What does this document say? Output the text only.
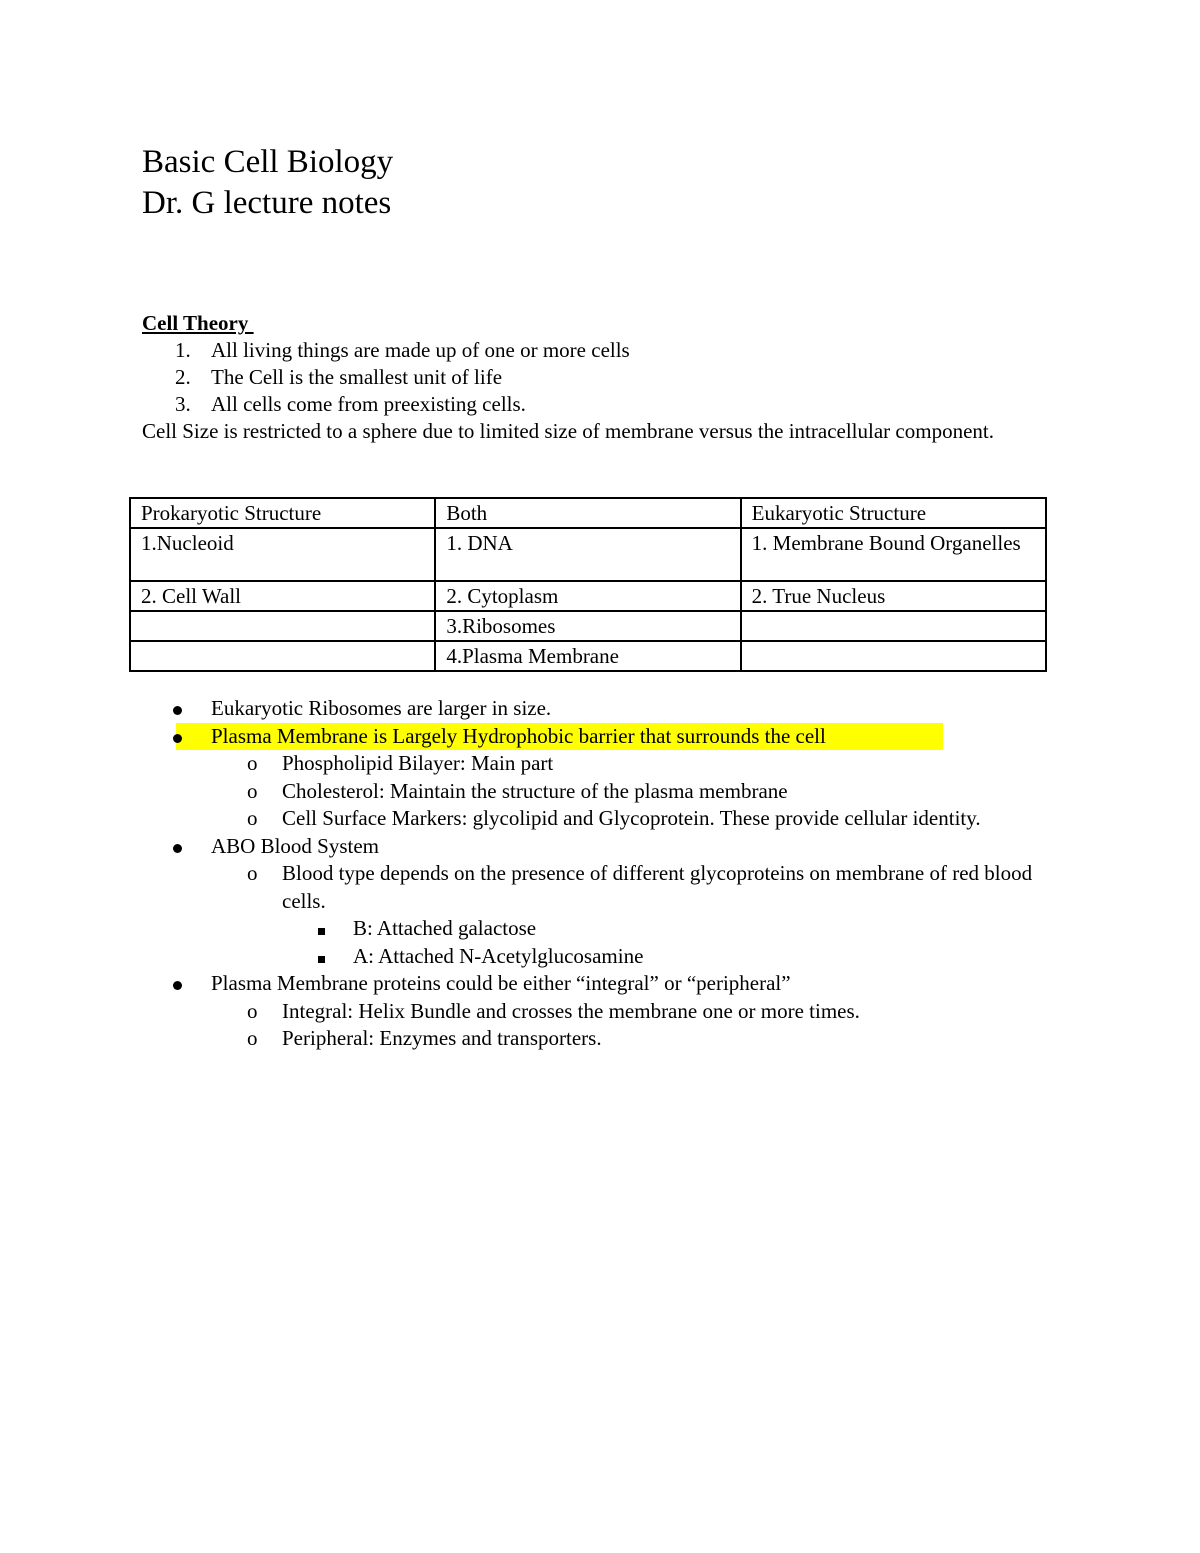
Basic Cell Biology
Dr. G lecture notes
Cell Theory
1. All living things are made up of one or more cells
2. The Cell is the smallest unit of life
3. All cells come from preexisting cells.
Cell Size is restricted to a sphere due to limited size of membrane versus the intracellular component.
Prokaryotic Structure	Both	Eukaryotic Structure
1.Nucleoid	1. DNA	1. Membrane Bound Organelles
2. Cell Wall	2. Cytoplasm	2. True Nucleus
	3.Ribosomes	
	4.Plasma Membrane	
Eukaryotic Ribosomes are larger in size.
Plasma Membrane is Largely Hydrophobic barrier that surrounds the cell
o Phospholipid Bilayer: Main part
o Cholesterol: Maintain the structure of the plasma membrane
o Cell Surface Markers: glycolipid and Glycoprotein. These provide cellular identity.
ABO Blood System
o Blood type depends on the presence of different glycoproteins on membrane of red blood cells.
B: Attached galactose
A: Attached N-Acetylglucosamine
Plasma Membrane proteins could be either “integral” or “peripheral”
o Integral: Helix Bundle and crosses the membrane one or more times.
o Peripheral: Enzymes and transporters.
